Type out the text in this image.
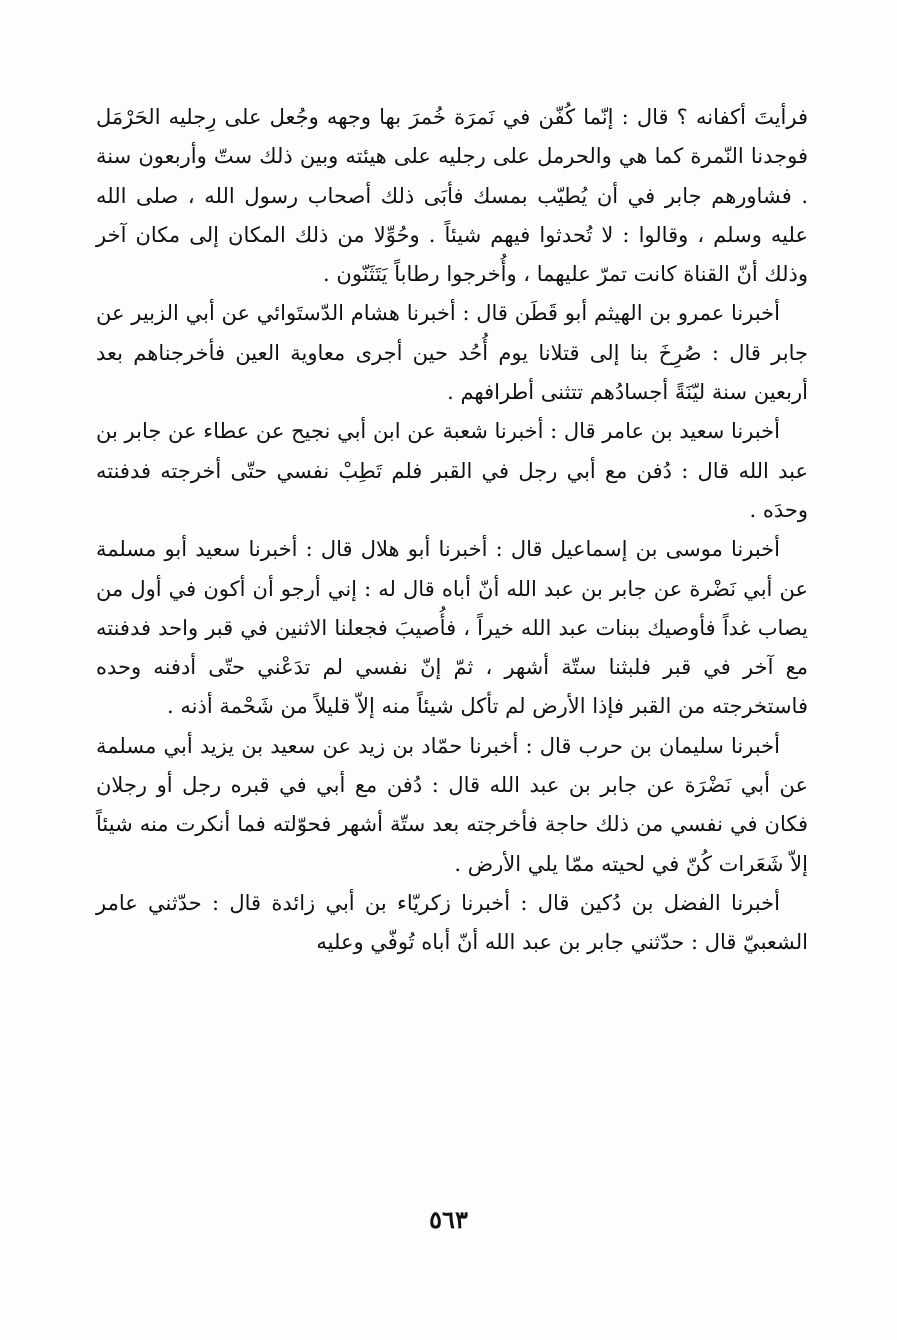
فرأيتَ أكفانه ؟ قال : إنّما كُفّن في نَمرَة خُمرَ بها وجهه وجُعل على رِجليه الحَرْمَل فوجدنا النّمرة كما هي والحرمل على رجليه على هيئته وبين ذلك ستّ وأربعون سنة . فشاورهم جابر في أن يُطيّب بمسك فأبَى ذلك أصحاب رسول الله ، صلى الله عليه وسلم ، وقالوا : لا تُحدثوا فيهم شيئاً . وحُوِّلا من ذلك المكان إلى مكان آخر وذلك أنّ القناة كانت تمرّ عليهما ، وأُخرجوا رطاباً يَتَثَنّون .

أخبرنا عمرو بن الهيثم أبو قَطَن قال : أخبرنا هشام الدّستَوائي عن أبي الزبير عن جابر قال : صُرِخَ بنا إلى قتلانا يوم أُحُد حين أجرى معاوية العين فأخرجناهم بعد أربعين سنة ليّنَةً أجسادُهم تتثنى أطرافهم .

أخبرنا سعيد بن عامر قال : أخبرنا شعبة عن ابن أبي نجيح عن عطاء عن جابر بن عبد الله قال : دُفن مع أبي رجل في القبر فلم تَطِبْ نفسي حتّى أخرجته فدفنته وحدَه .

أخبرنا موسى بن إسماعيل قال : أخبرنا أبو هلال قال : أخبرنا سعيد أبو مسلمة عن أبي نَضْرة عن جابر بن عبد الله أنّ أباه قال له : إني أرجو أن أكون في أول من يصاب غداً فأوصيك ببنات عبد الله خيراً ، فأُصيبَ فجعلنا الاثنين في قبر واحد فدفنته مع آخر في قبر فلبثنا ستّة أشهر ، ثمّ إنّ نفسي لم تدَعْني حتّى أدفنه وحده فاستخرجته من القبر فإذا الأرض لم تأكل شيئاً منه إلاّ قليلاً من شَحْمة أذنه .

أخبرنا سليمان بن حرب قال : أخبرنا حمّاد بن زيد عن سعيد بن يزيد أبي مسلمة عن أبي نَضْرَة عن جابر بن عبد الله قال : دُفن مع أبي في قبره رجل أو رجلان فكان في نفسي من ذلك حاجة فأخرجته بعد ستّة أشهر فحوّلته فما أنكرت منه شيئاً إلاّ شَعَرات كُنّ في لحيته ممّا يلي الأرض .

أخبرنا الفضل بن دُكين قال : أخبرنا زكريّاء بن أبي زائدة قال : حدّثني عامر الشعبيّ قال : حدّثني جابر بن عبد الله أنّ أباه تُوفّي وعليه

٥٦٣
